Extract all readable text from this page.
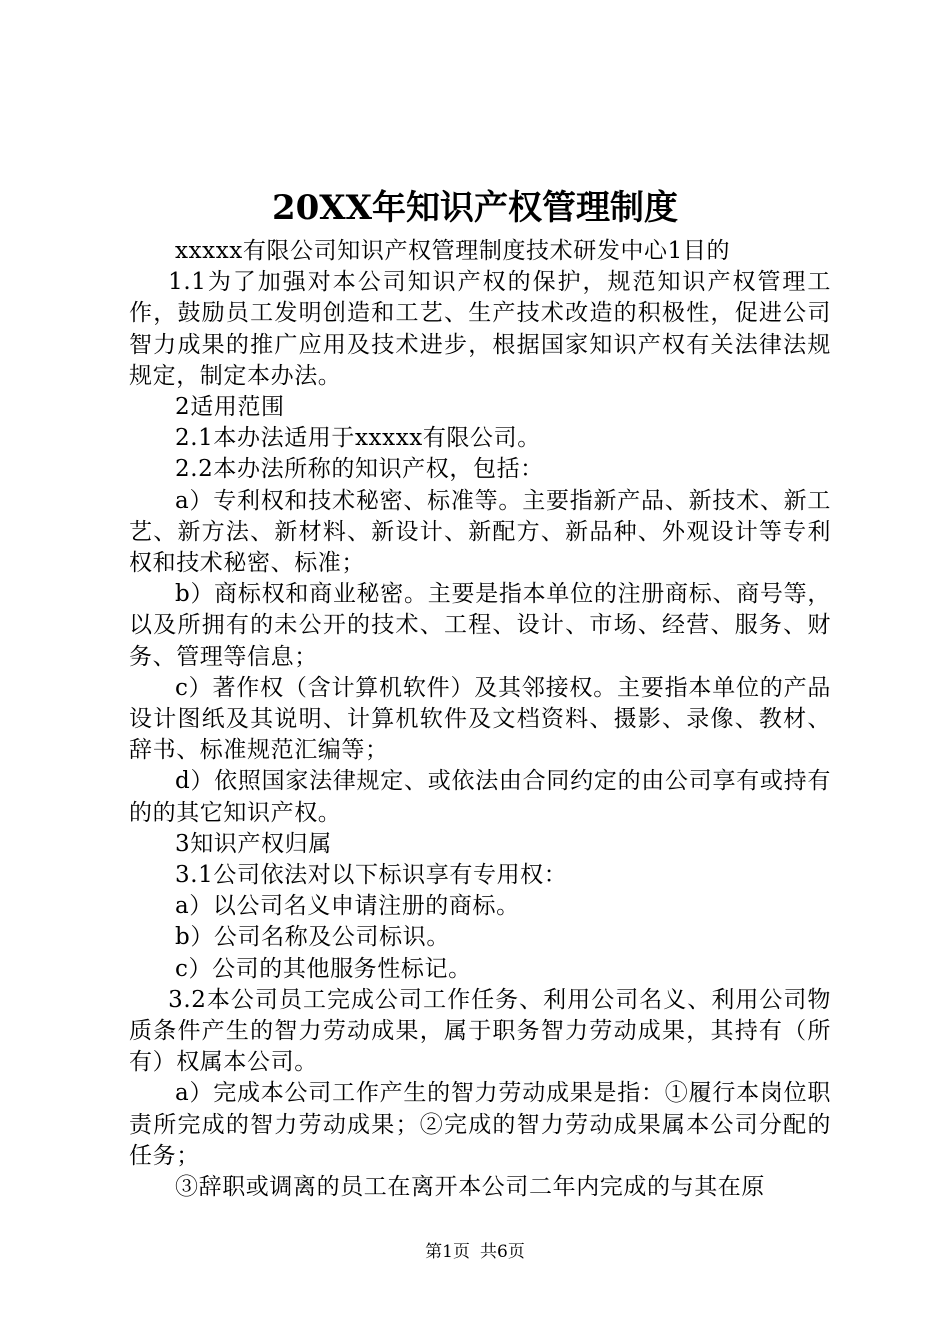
20XX年知识产权管理制度

xxxxx有限公司知识产权管理制度技术研发中心1目的

1.1为了加强对本公司知识产权的保护，规范知识产权管理工作，鼓励员工发明创造和工艺、生产技术改造的积极性，促进公司智力成果的推广应用及技术进步，根据国家知识产权有关法律法规规定，制定本办法。

2适用范围

2.1本办法适用于xxxxx有限公司。

2.2本办法所称的知识产权，包括：

a）专利权和技术秘密、标准等。主要指新产品、新技术、新工艺、新方法、新材料、新设计、新配方、新品种、外观设计等专利权和技术秘密、标准；

b）商标权和商业秘密。主要是指本单位的注册商标、商号等，以及所拥有的未公开的技术、工程、设计、市场、经营、服务、财务、管理等信息；

c）著作权（含计算机软件）及其邻接权。主要指本单位的产品设计图纸及其说明、计算机软件及文档资料、摄影、录像、教材、辞书、标准规范汇编等；

d）依照国家法律规定、或依法由合同约定的由公司享有或持有的的其它知识产权。

3知识产权归属

3.1公司依法对以下标识享有专用权：

a）以公司名义申请注册的商标。

b）公司名称及公司标识。

c）公司的其他服务性标记。

3.2本公司员工完成公司工作任务、利用公司名义、利用公司物质条件产生的智力劳动成果，属于职务智力劳动成果，其持有（所有）权属本公司。

a）完成本公司工作产生的智力劳动成果是指：①履行本岗位职责所完成的智力劳动成果；②完成的智力劳动成果属本公司分配的任务；

③辞职或调离的员工在离开本公司二年内完成的与其在原

第1页 共6页
